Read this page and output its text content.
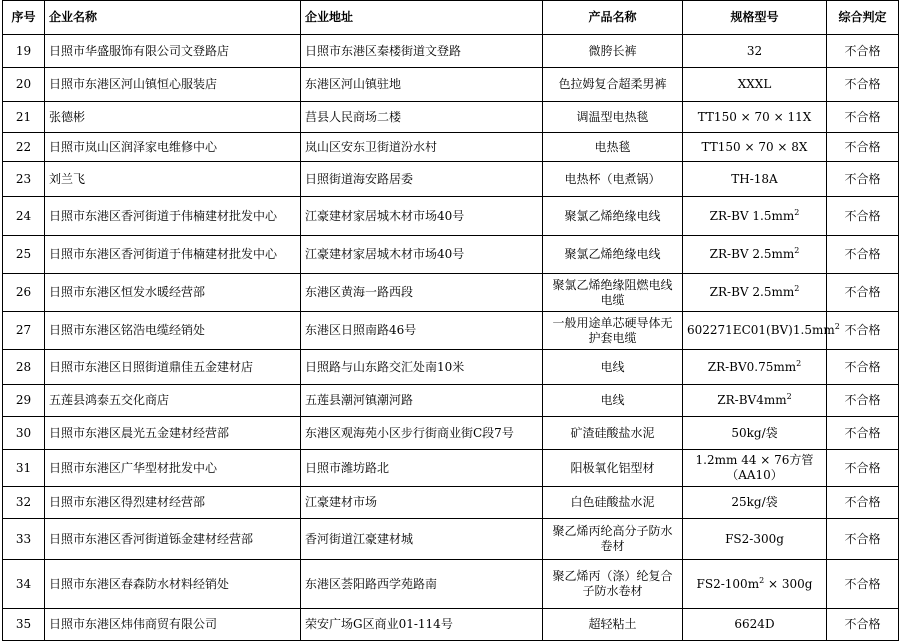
序号	企业名称	企业地址	产品名称	规格型号	综合判定
19	日照市华盛服饰有限公司文登路店	日照市东港区秦楼街道文登路	微胯长裤	32	不合格
20	日照市东港区河山镇恒心服装店	东港区河山镇驻地	色拉姆复合超柔男裤	XXXL	不合格
21	张德彬	莒县人民商场二楼	调温型电热毯	TT150 × 70 × 11X	不合格
22	日照市岚山区润泽家电维修中心	岚山区安东卫街道汾水村	电热毯	TT150 × 70 × 8X	不合格
23	刘兰飞	日照街道海安路居委	电热杯（电煮锅）	TH-18A	不合格
24	日照市东港区香河街道于伟楠建材批发中心	江豪建材家居城木材市场40号	聚氯乙烯绝缘电线	ZR-BV $1.5mm^2$	不合格
25	日照市东港区香河街道于伟楠建材批发中心	江豪建材家居城木材市场40号	聚氯乙烯绝缘电线	ZR-BV $2.5mm^2$	不合格
26	日照市东港区恒发水暖经营部	东港区黄海一路西段	聚氯乙烯绝缘阻燃电线电缆	ZR-BV $2.5mm^2$	不合格
27	日照市东港区铭浩电缆经销处	东港区日照南路46号	一般用途单芯硬导体无护套电缆	$602271EC01(BV)1.5mm^2$	不合格
28	日照市东港区日照街道鼎佳五金建材店	日照路与山东路交汇处南10米	电线	$ZR-BV0.75mm^2$	不合格
29	五莲县鸿泰五交化商店	五莲县潮河镇潮河路	电线	$ZR-BV4mm^2$	不合格
30	日照市东港区晨光五金建材经营部	东港区观海苑小区步行街商业街C段7号	矿渣硅酸盐水泥	50kg/袋	不合格
31	日照市东港区广华型材批发中心	日照市潍坊路北	阳极氧化铝型材	1.2mm 44 × 76方管（AA10）	不合格
32	日照市东港区得烈建材经营部	江豪建材市场	白色硅酸盐水泥	25kg/袋	不合格
33	日照市东港区香河街道铄金建材经营部	香河街道江豪建材城	聚乙烯丙纶高分子防水卷材	FS2-300g	不合格
34	日照市东港区春森防水材料经销处	东港区荟阳路西学苑路南	聚乙烯丙（涤）纶复合子防水卷材	$FS2-100m^2 \times 300g$	不合格
35	日照市东港区炜伟商贸有限公司	荣安广场G区商业01-114号	超轻粘土	6624D	不合格
